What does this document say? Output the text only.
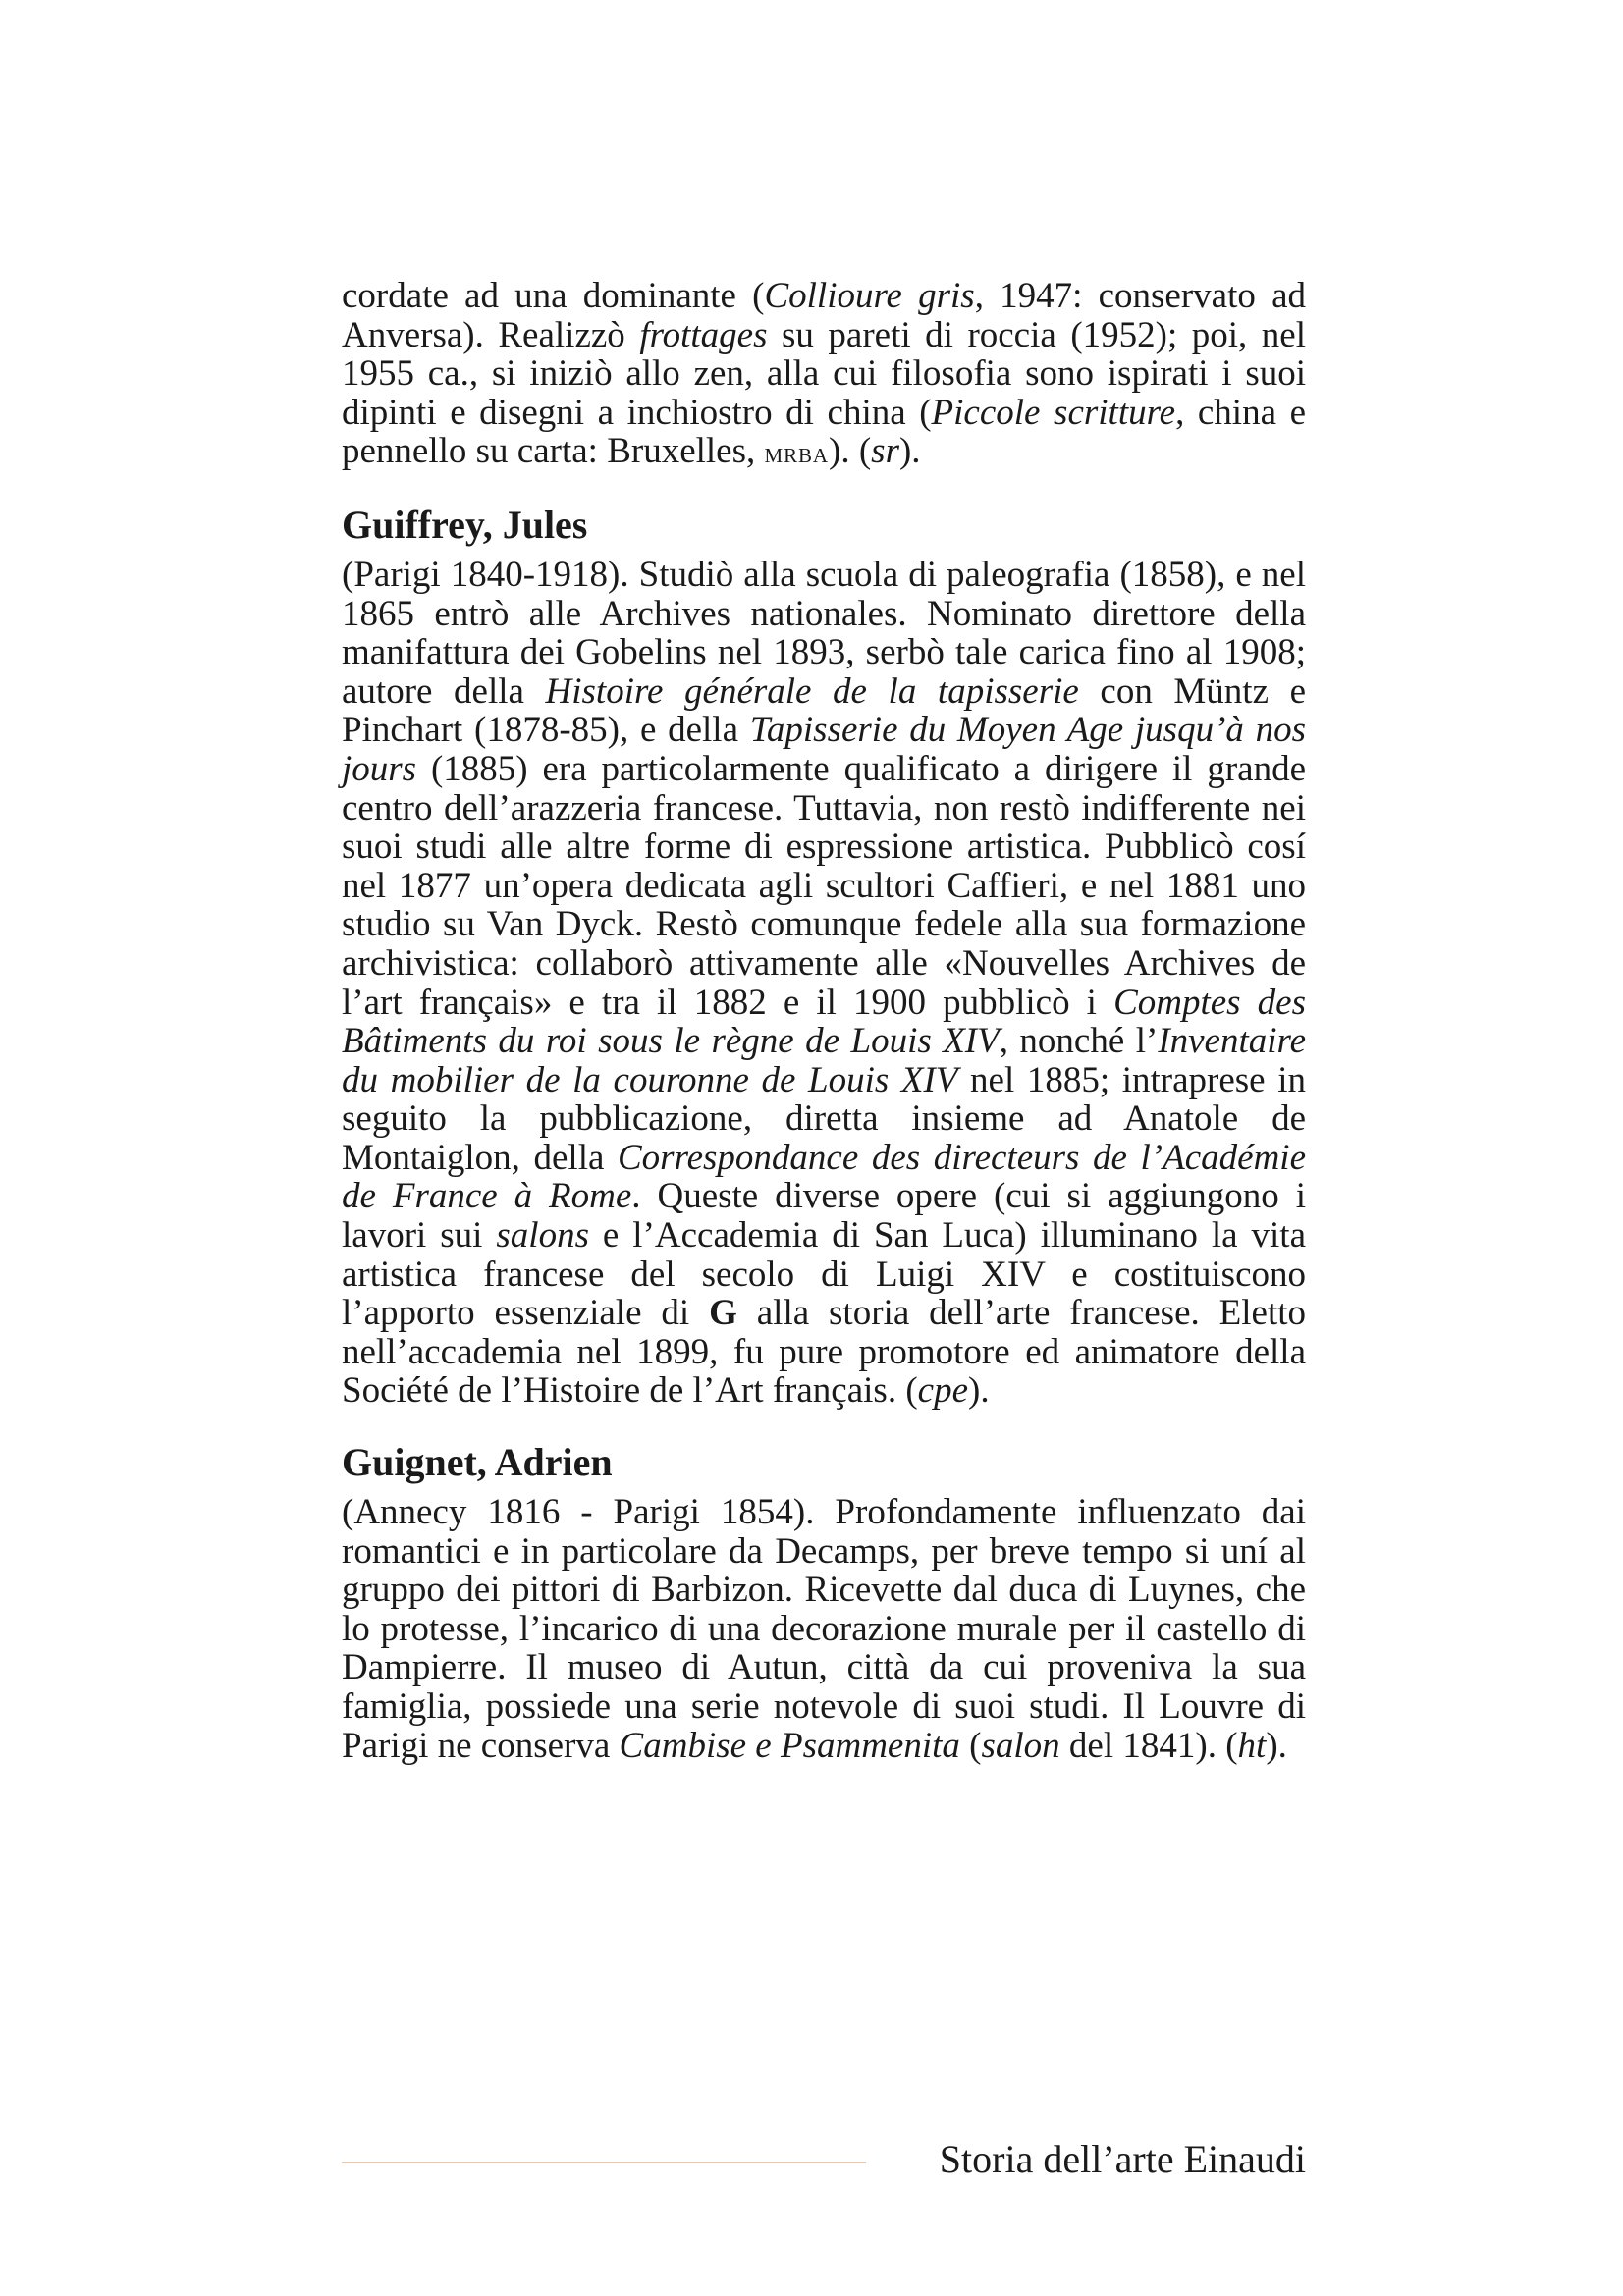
cordate ad una dominante (Collioure gris, 1947: conservato ad Anversa). Realizzò frottages su pareti di roccia (1952); poi, nel 1955 ca., si iniziò allo zen, alla cui filosofia sono ispirati i suoi dipinti e disegni a inchiostro di china (Piccole scritture, china e pennello su carta: Bruxelles, mrba). (sr).

Guiffrey, Jules

(Parigi 1840-1918). Studiò alla scuola di paleografia (1858), e nel 1865 entrò alle Archives nationales. Nominato direttore della manifattura dei Gobelins nel 1893, serbò tale carica fino al 1908; autore della Histoire générale de la tapisserie con Müntz e Pinchart (1878-85), e della Tapisserie du Moyen Age jusqu’à nos jours (1885) era particolarmente qualificato a dirigere il grande centro dell’arazzeria francese. Tuttavia, non restò indifferente nei suoi studi alle altre forme di espressione artistica. Pubblicò cosí nel 1877 un’opera dedicata agli scultori Caffieri, e nel 1881 uno studio su Van Dyck. Restò comunque fedele alla sua formazione archivistica: collaborò attivamente alle «Nouvelles Archives de l’art français» e tra il 1882 e il 1900 pubblicò i Comptes des Bâtiments du roi sous le règne de Louis XIV, nonché l’Inventaire du mobilier de la couronne de Louis XIV nel 1885; intraprese in seguito la pubblicazione, diretta insieme ad Anatole de Montaiglon, della Correspondance des directeurs de l’Académie de France à Rome. Queste diverse opere (cui si aggiungono i lavori sui salons e l’Accademia di San Luca) illuminano la vita artistica francese del secolo di Luigi XIV e costituiscono l’apporto essenziale di G alla storia dell’arte francese. Eletto nell’accademia nel 1899, fu pure promotore ed animatore della Société de l’Histoire de l’Art français. (cpe).

Guignet, Adrien

(Annecy 1816 - Parigi 1854). Profondamente influenzato dai romantici e in particolare da Decamps, per breve tempo si uní al gruppo dei pittori di Barbizon. Ricevette dal duca di Luynes, che lo protesse, l’incarico di una decorazione murale per il castello di Dampierre. Il museo di Autun, città da cui proveniva la sua famiglia, possiede una serie notevole di suoi studi. Il Louvre di Parigi ne conserva Cambise e Psammenita (salon del 1841). (ht).

Storia dell’arte Einaudi
